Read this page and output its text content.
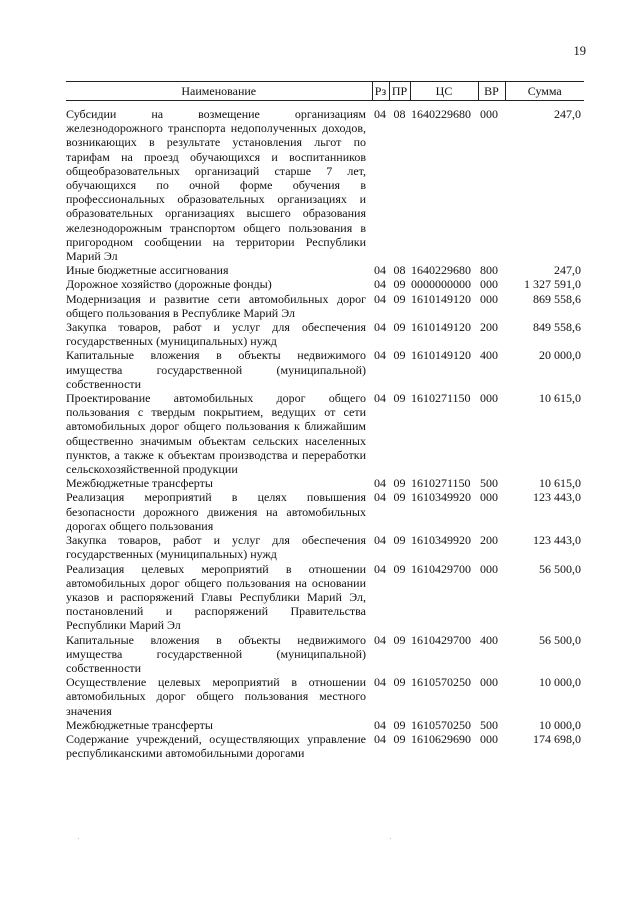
19
Наименование	Рз	ПР	ЦС	ВР	Сумма
Субсидии на возмещение организациям железнодорожного транспорта недополученных доходов, возникающих в результате установления льгот по тарифам на проезд обучающихся и воспитанников общеобразовательных организаций старше 7 лет, обучающихся по очной форме обучения в профессиональных образовательных организациях и образовательных организациях высшего образования железнодорожным транспортом общего пользования в пригородном сообщении на территории Республики Марий Эл	04	08	1640229680	000	247,0
Иные бюджетные ассигнования	04	08	1640229680	800	247,0
Дорожное хозяйство (дорожные фонды)	04	09	0000000000	000	1 327 591,0
Модернизация и развитие сети автомобильных дорог общего пользования в Республике Марий Эл	04	09	1610149120	000	869 558,6
Закупка товаров, работ и услуг для обеспечения государственных (муниципальных) нужд	04	09	1610149120	200	849 558,6
Капитальные вложения в объекты недвижимого имущества государственной (муниципальной) собственности	04	09	1610149120	400	20 000,0
Проектирование автомобильных дорог общего пользования с твердым покрытием, ведущих от сети автомобильных дорог общего пользования к ближайшим общественно значимым объектам сельских населенных пунктов, а также к объектам производства и переработки сельскохозяйственной продукции	04	09	1610271150	000	10 615,0
Межбюджетные трансферты	04	09	1610271150	500	10 615,0
Реализация мероприятий в целях повышения безопасности дорожного движения на автомобильных дорогах общего пользования	04	09	1610349920	000	123 443,0
Закупка товаров, работ и услуг для обеспечения государственных (муниципальных) нужд	04	09	1610349920	200	123 443,0
Реализация целевых мероприятий в отношении автомобильных дорог общего пользования на основании указов и распоряжений Главы Республики Марий Эл, постановлений и распоряжений Правительства Республики Марий Эл	04	09	1610429700	000	56 500,0
Капитальные вложения в объекты недвижимого имущества государственной (муниципальной) собственности	04	09	1610429700	400	56 500,0
Осуществление целевых мероприятий в отношении автомобильных дорог общего пользования местного значения	04	09	1610570250	000	10 000,0
Межбюджетные трансферты	04	09	1610570250	500	10 000,0
Содержание учреждений, осуществляющих управление республиканскими автомобильными дорогами	04	09	1610629690	000	174 698,0
